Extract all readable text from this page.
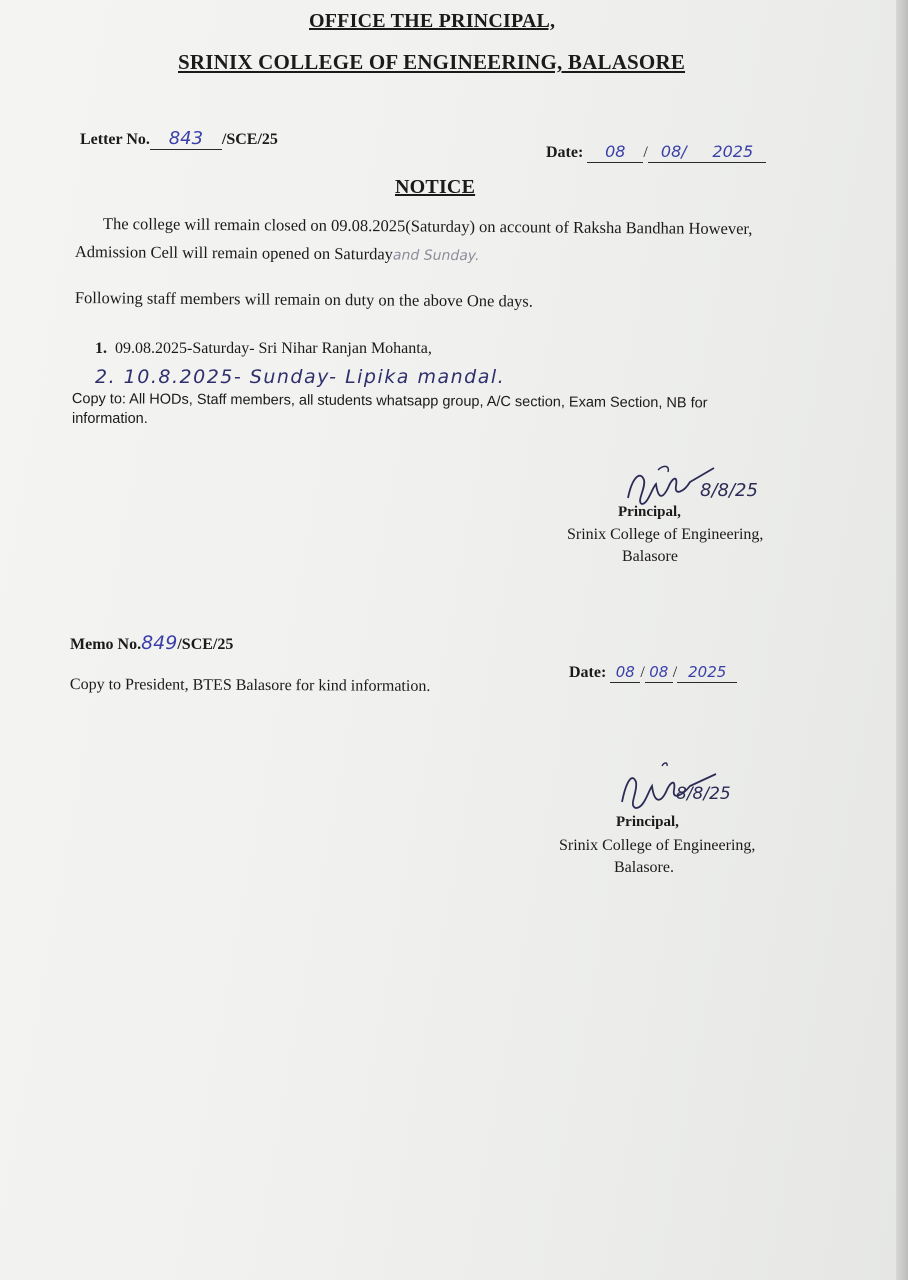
OFFICE THE PRINCIPAL,
SRINIX COLLEGE OF ENGINEERING, BALASORE
Letter No. 843 /SCE/25
Date: 08 / 08/ 2025
NOTICE
The college will remain closed on 09.08.2025(Saturday) on account of Raksha Bandhan However,
Admission Cell will remain opened on Saturdayand Sunday.
Following staff members will remain on duty on the above One days.
1. 09.08.2025-Saturday- Sri Nihar Ranjan Mohanta,
2. 10.8.2025- Sunday- Lipika mandal.
Copy to: All HODs, Staff members, all students whatsapp group, A/C section, Exam Section, NB for
information.
8/8/25
Principal,
Srinix College of Engineering,
Balasore
Memo No.849/SCE/25
Date: 08 / 08 / 2025
Copy to President, BTES Balasore for kind information.
8/8/25
Principal,
Srinix College of Engineering,
Balasore.
